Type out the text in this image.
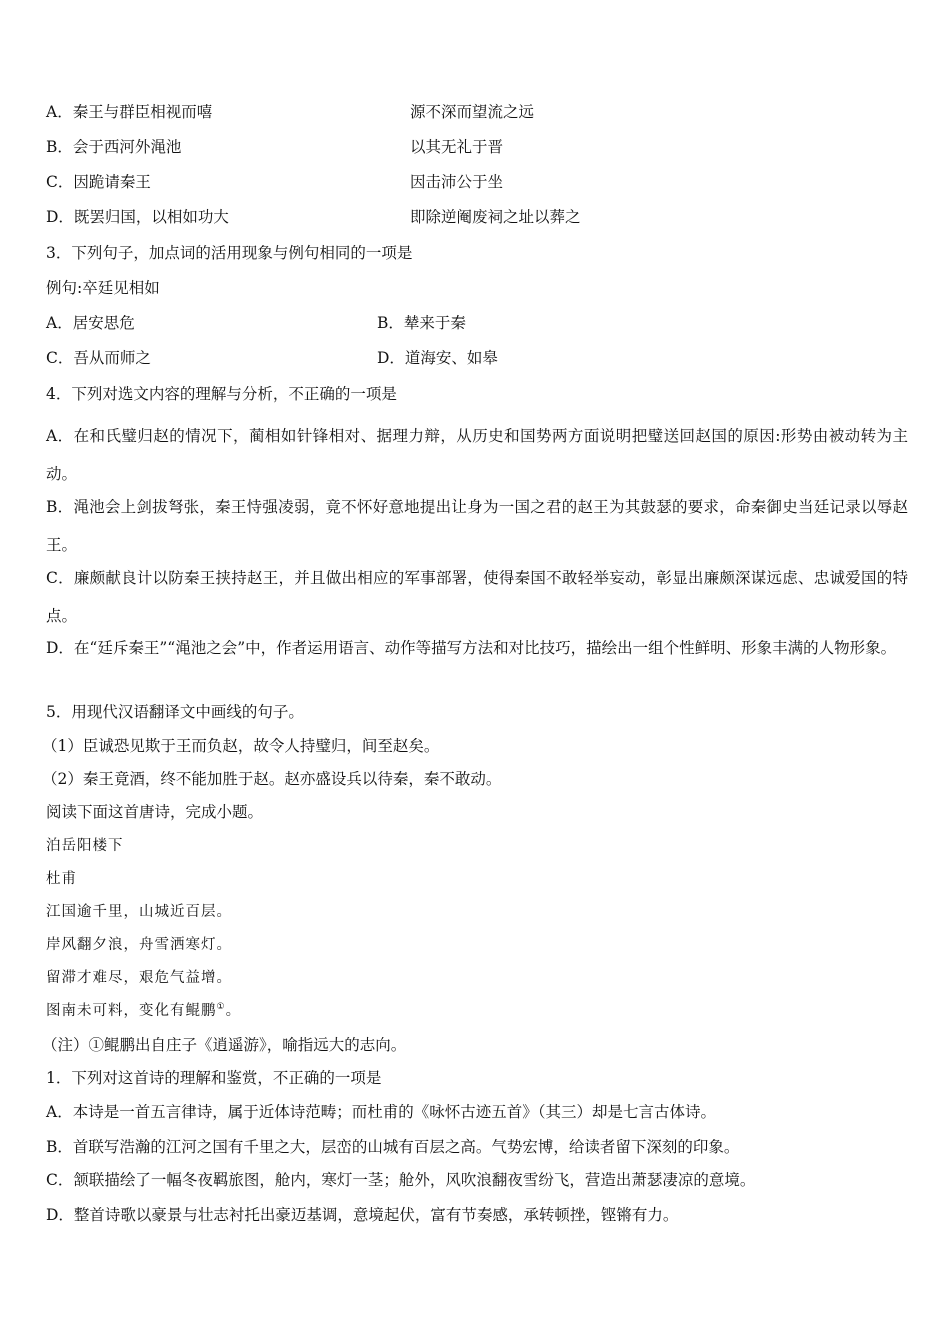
A．秦王与群臣相视而嘻	源不深而望流之远
B．会于西河外渑池	以其无礼于晋
C．因跪请秦王	因击沛公于坐
D．既罢归国，以相如功大	即除逆阉废祠之址以葬之
3．下列句子，加点词的活用现象与例句相同的一项是
例句:卒廷见相如
A．居安思危	B．辇来于秦
C．吾从而师之	D．道海安、如皋
4．下列对选文内容的理解与分析，不正确的一项是
A．在和氏璧归赵的情况下，蔺相如针锋相对、据理力辩，从历史和国势两方面说明把璧送回赵国的原因:形势由被动转为主动。
B．渑池会上剑拔弩张，秦王恃强凌弱，竟不怀好意地提出让身为一国之君的赵王为其鼓瑟的要求，命秦御史当廷记录以辱赵王。
C．廉颇献良计以防秦王挟持赵王，并且做出相应的军事部署，使得秦国不敢轻举妄动，彰显出廉颇深谋远虑、忠诚爱国的特点。
D．在“廷斥秦王”“渑池之会”中，作者运用语言、动作等描写方法和对比技巧，描绘出一组个性鲜明、形象丰满的人物形象。
5．用现代汉语翻译文中画线的句子。
（1）臣诚恐见欺于王而负赵，故令人持璧归，间至赵矣。
（2）秦王竟酒，终不能加胜于赵。赵亦盛设兵以待秦，秦不敢动。
阅读下面这首唐诗，完成小题。
泊岳阳楼下
杜甫
江国逾千里，山城近百层。
岸风翻夕浪，舟雪洒寒灯。
留滞才难尽，艰危气益增。
图南未可料，变化有鲲鹏①。
（注）①鲲鹏出自庄子《逍遥游》，喻指远大的志向。
1．下列对这首诗的理解和鉴赏，不正确的一项是
A．本诗是一首五言律诗，属于近体诗范畴；而杜甫的《咏怀古迹五首》（其三）却是七言古体诗。
B．首联写浩瀚的江河之国有千里之大，层峦的山城有百层之高。气势宏博，给读者留下深刻的印象。
C．颔联描绘了一幅冬夜羁旅图，舱内，寒灯一茎；舱外，风吹浪翻夜雪纷飞，营造出萧瑟凄凉的意境。
D．整首诗歌以豪景与壮志衬托出豪迈基调，意境起伏，富有节奏感，承转顿挫，铿锵有力。
